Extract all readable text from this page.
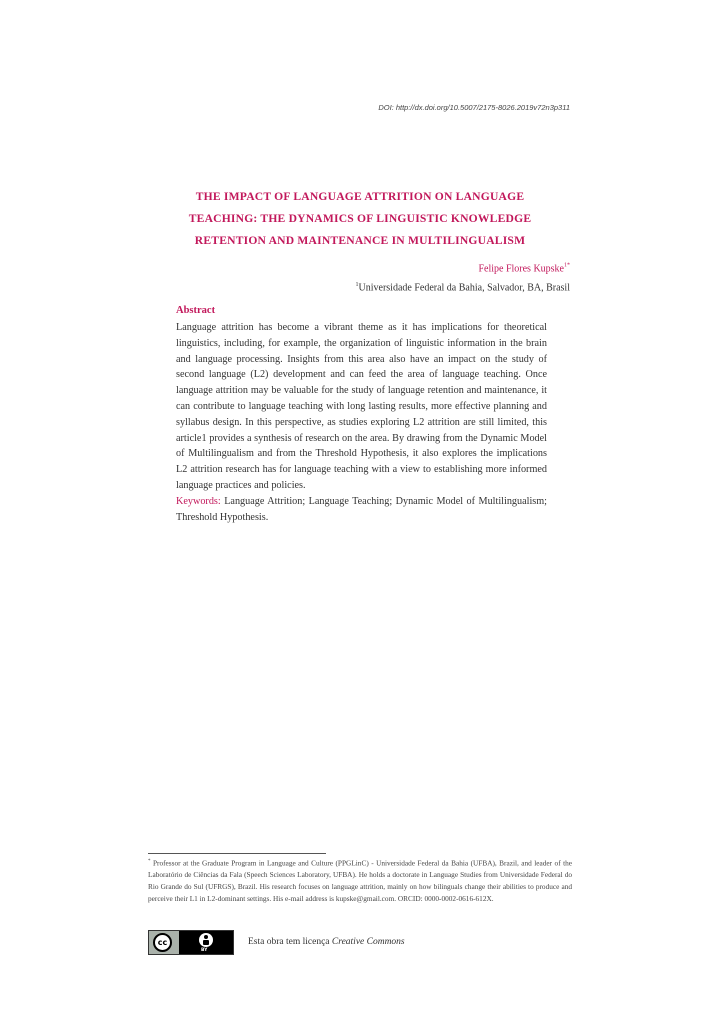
DOI: http://dx.doi.org/10.5007/2175-8026.2019v72n3p311
THE IMPACT OF LANGUAGE ATTRITION ON LANGUAGE
TEACHING: THE DYNAMICS OF LINGUISTIC KNOWLEDGE
RETENTION AND MAINTENANCE IN MULTILINGUALISM
Felipe Flores Kupske$^{1*}$
$^1$Universidade Federal da Bahia, Salvador, BA, Brasil
Abstract

Language attrition has become a vibrant theme as it has implications for theoretical linguistics, including, for example, the organization of linguistic information in the brain and language processing. Insights from this area also have an impact on the study of second language (L2) development and can feed the area of language teaching. Once language attrition may be valuable for the study of language retention and maintenance, it can contribute to language teaching with long lasting results, more effective planning and syllabus design. In this perspective, as studies exploring L2 attrition are still limited, this article1 provides a synthesis of research on the area. By drawing from the Dynamic Model of Multilingualism and from the Threshold Hypothesis, it also explores the implications L2 attrition research has for language teaching with a view to establishing more informed language practices and policies.

Keywords: Language Attrition; Language Teaching; Dynamic Model of Multilingualism; Threshold Hypothesis.

* Professor at the Graduate Program in Language and Culture (PPGLinC) - Universidade Federal da Bahia (UFBA), Brazil, and leader of the Laboratório de Ciências da Fala (Speech Sciences Laboratory, UFBA). He holds a doctorate in Language Studies from Universidade Federal do Rio Grande do Sul (UFRGS), Brazil. His research focuses on language attrition, mainly on how bilinguals change their abilities to produce and perceive their L1 in L2-dominant settings. His e-mail address is kupske@gmail.com. ORCID: 0000-0002-0616-612X.
cc
BY
Esta obra tem licença Creative Commons
